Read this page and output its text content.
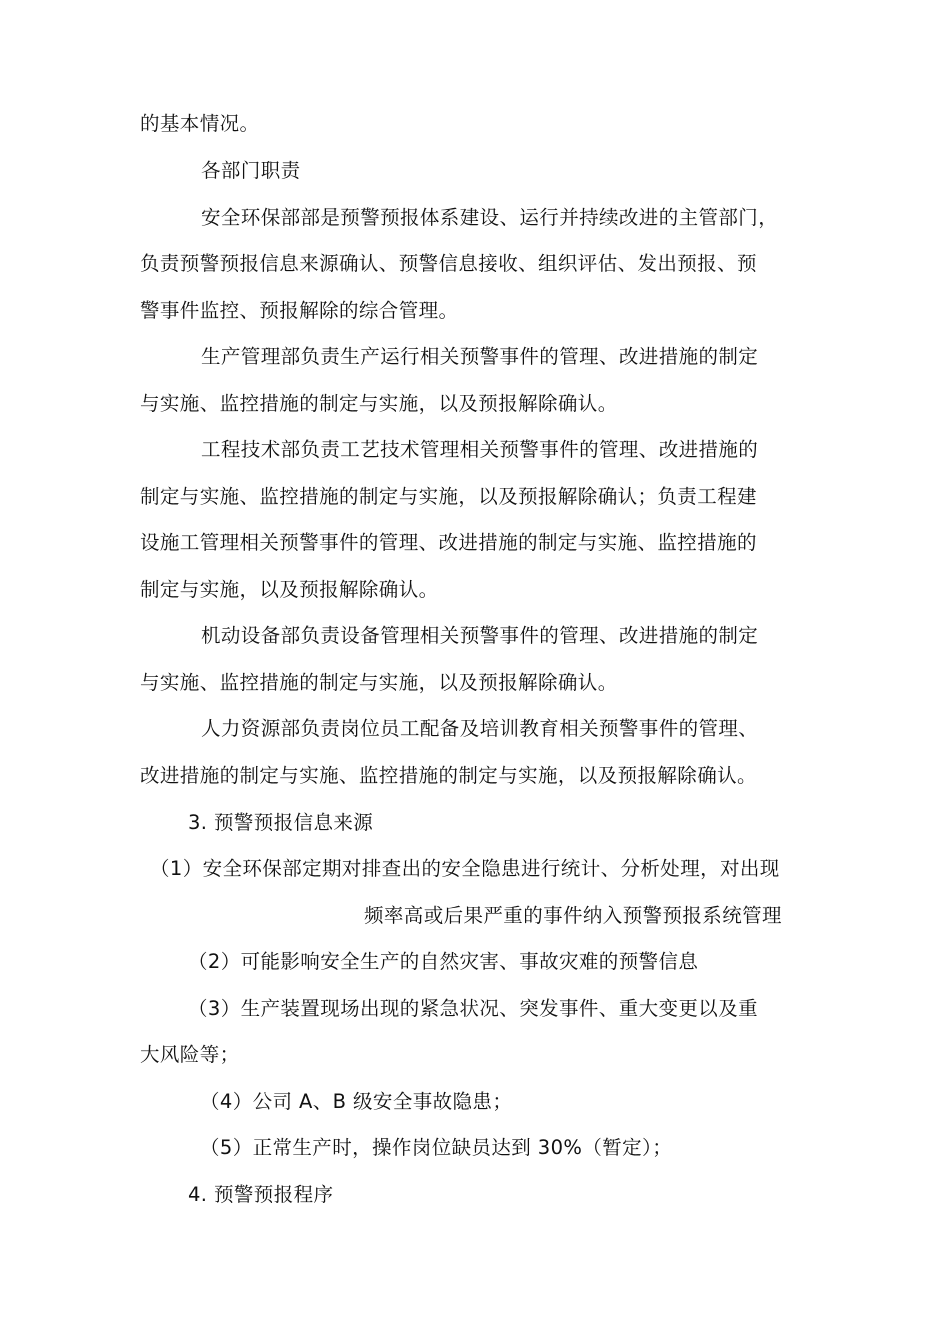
的基本情况。
各部门职责
安全环保部部是预警预报体系建设、运行并持续改进的主管部门，
负责预警预报信息来源确认、预警信息接收、组织评估、发出预报、预
警事件监控、预报解除的综合管理。
生产管理部负责生产运行相关预警事件的管理、改进措施的制定
与实施、监控措施的制定与实施，以及预报解除确认。
工程技术部负责工艺技术管理相关预警事件的管理、改进措施的
制定与实施、监控措施的制定与实施，以及预报解除确认；负责工程建
设施工管理相关预警事件的管理、改进措施的制定与实施、监控措施的
制定与实施，以及预报解除确认。
机动设备部负责设备管理相关预警事件的管理、改进措施的制定
与实施、监控措施的制定与实施，以及预报解除确认。
人力资源部负责岗位员工配备及培训教育相关预警事件的管理、
改进措施的制定与实施、监控措施的制定与实施，以及预报解除确认。
3. 预警预报信息来源
（1）安全环保部定期对排查出的安全隐患进行统计、分析处理，对出现
频率高或后果严重的事件纳入预警预报系统管理
（2）可能影响安全生产的自然灾害、事故灾难的预警信息
（3）生产装置现场出现的紧急状况、突发事件、重大变更以及重
大风险等；
（4）公司 A、B 级安全事故隐患；
（5）正常生产时，操作岗位缺员达到 30%（暂定）；
4. 预警预报程序
